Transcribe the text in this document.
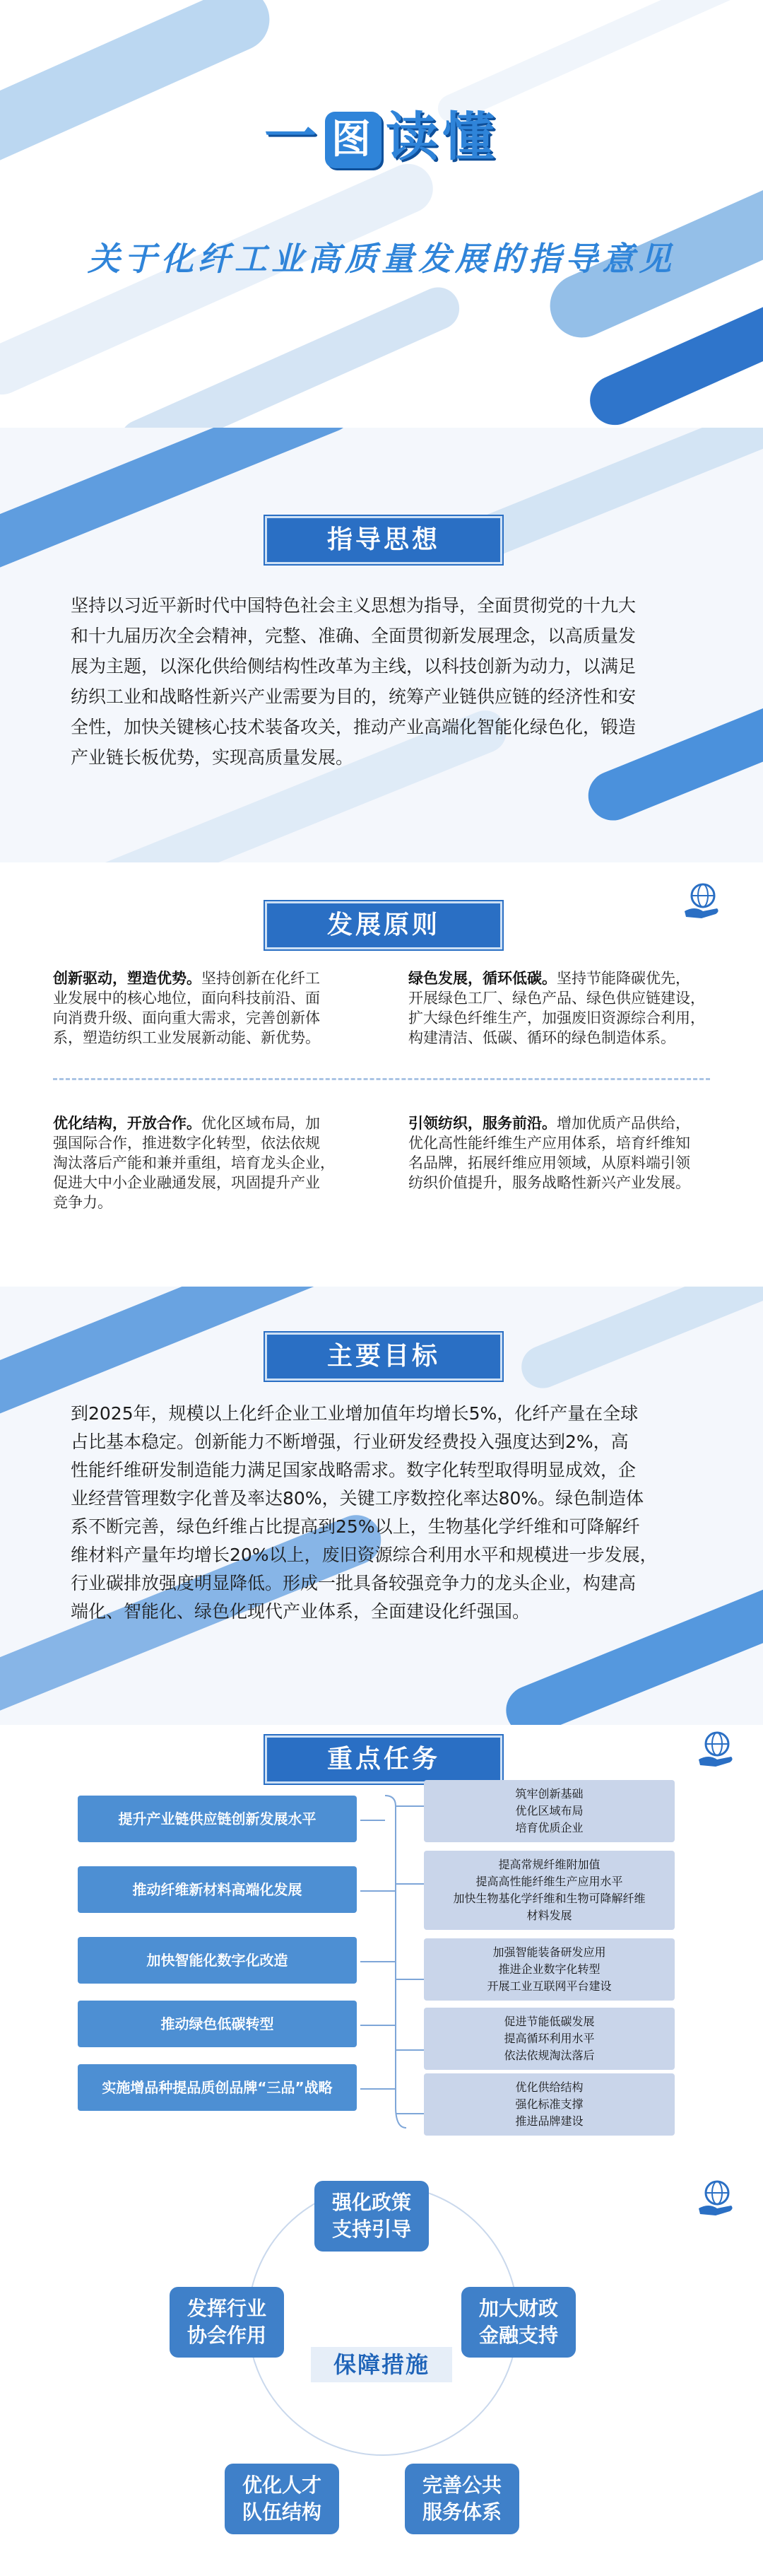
一 图 读懂
关于化纤工业高质量发展的指导意见
指导思想
坚持以习近平新时代中国特色社会主义思想为指导，全面贯彻党的十九大
和十九届历次全会精神，完整、准确、全面贯彻新发展理念，以高质量发
展为主题，以深化供给侧结构性改革为主线，以科技创新为动力，以满足
纺织工业和战略性新兴产业需要为目的，统筹产业链供应链的经济性和安
全性，加快关键核心技术装备攻关，推动产业高端化智能化绿色化，锻造
产业链长板优势，实现高质量发展。
发展原则
创新驱动，塑造优势。坚持创新在化纤工
业发展中的核心地位，面向科技前沿、面
向消费升级、面向重大需求，完善创新体
系，塑造纺织工业发展新动能、新优势。
绿色发展，循环低碳。坚持节能降碳优先，
开展绿色工厂、绿色产品、绿色供应链建设，
扩大绿色纤维生产，加强废旧资源综合利用，
构建清洁、低碳、循环的绿色制造体系。
优化结构，开放合作。优化区域布局，加
强国际合作，推进数字化转型，依法依规
淘汰落后产能和兼并重组，培育龙头企业，
促进大中小企业融通发展，巩固提升产业
竞争力。
引领纺织，服务前沿。增加优质产品供给，
优化高性能纤维生产应用体系，培育纤维知
名品牌，拓展纤维应用领域，从原料端引领
纺织价值提升，服务战略性新兴产业发展。
主要目标
到2025年，规模以上化纤企业工业增加值年均增长5%，化纤产量在全球
占比基本稳定。创新能力不断增强，行业研发经费投入强度达到2%，高
性能纤维研发制造能力满足国家战略需求。数字化转型取得明显成效，企
业经营管理数字化普及率达80%，关键工序数控化率达80%。绿色制造体
系不断完善，绿色纤维占比提高到25%以上，生物基化学纤维和可降解纤
维材料产量年均增长20%以上，废旧资源综合利用水平和规模进一步发展，
行业碳排放强度明显降低。形成一批具备较强竞争力的龙头企业，构建高
端化、智能化、绿色化现代产业体系，全面建设化纤强国。
重点任务
提升产业链供应链创新发展水平
推动纤维新材料高端化发展
加快智能化数字化改造
推动绿色低碳转型
实施增品种提品质创品牌“三品”战略
筑牢创新基础
优化区域布局
培育优质企业
提高常规纤维附加值
提高高性能纤维生产应用水平
加快生物基化学纤维和生物可降解纤维
材料发展
加强智能装备研发应用
推进企业数字化转型
开展工业互联网平台建设
促进节能低碳发展
提高循环利用水平
依法依规淘汰落后
优化供给结构
强化标准支撑
推进品牌建设
保障措施
强化政策
支持引导
加大财政
金融支持
完善公共
服务体系
优化人才
队伍结构
发挥行业
协会作用
